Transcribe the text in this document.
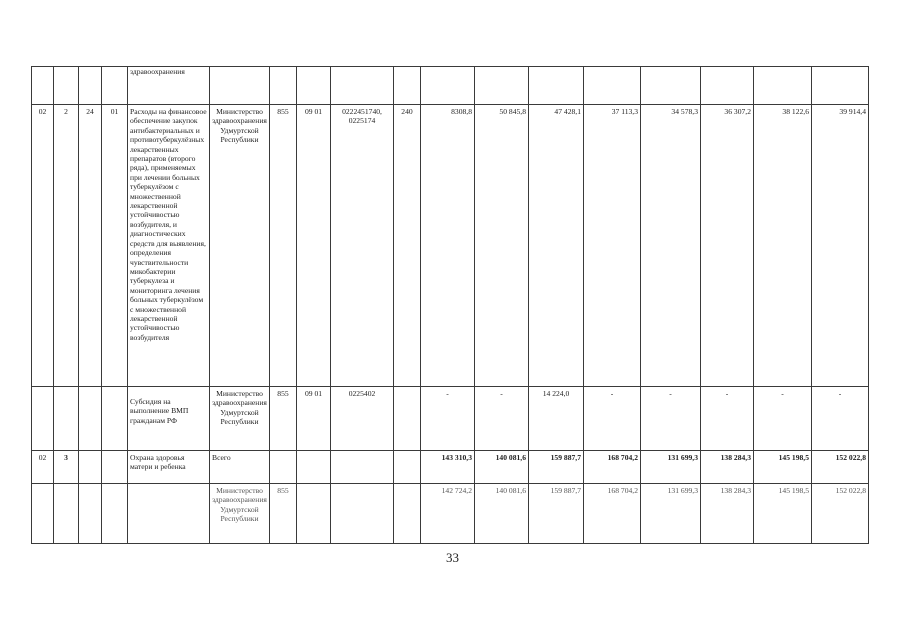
				здравоохранения													
02	2	24	01	Расходы на финансовое обеспечение закупок антибактериальных и противотуберкулёзных лекарственных препаратов (второго ряда), применяемых при лечении больных туберкулёзом с множественной лекарственной устойчивостью возбудителя, и диагностических средств для выявления, определения чувствительности микобактерии туберкулеза и мониторинга лечения больных туберкулёзом с множественной лекарственной устойчивостью возбудителя	Министерство здравоохранения Удмуртской Республики	855	09 01	0222451740, 0225174	240	8308,8	50 845,8	47 428,1	37 113,3	34 578,3	36 307,2	38 122,6	39 914,4
				Субсидия на выполнение ВМП гражданам РФ	Министерство здравоохранения Удмуртской Республики	855	09 01	0225402		-	-	14 224,0	-	-	-	-	-
02	3			Охрана здоровья матери и ребенка	Всего					143 310,3	140 081,6	159 887,7	168 704,2	131 699,3	138 284,3	145 198,5	152 022,8
					Министерство здравоохранения Удмуртской Республики	855				142 724,2	140 081,6	159 887,7	168 704,2	131 699,3	138 284,3	145 198,5	152 022,8
33
